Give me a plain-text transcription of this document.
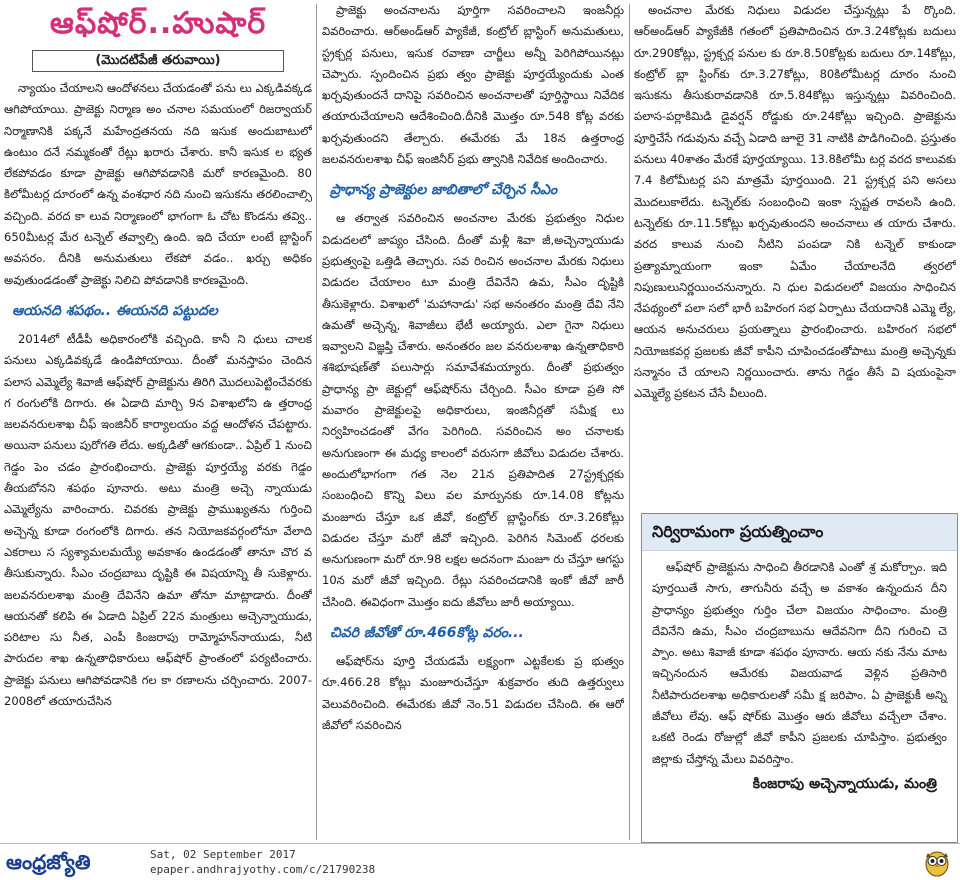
ఆఫ్‌షోర్..హుషార్
(మొదటిపేజీ తరువాయి)

న్యాయం చేయాలని ఆందోళనలు చేయడంతో పను లు ఎక్కడివక్కడ ఆగిపోయాయి. ప్రాజెక్టు నిర్మాణ అం చనాల సమయంలో రిజర్వాయర్ నిర్మాణానికి పక్కనే మహేంద్రతనయ నది ఇసుక అందుబాటులో ఉంటుం దనే నమ్మకంతో రేట్లు ఖరారు చేశారు. కానీ ఇసుక ల భ్యత లేకపోవడం కూడా ప్రాజెక్టు ఆగిపోవడానికి మరో కారణమైంది. 80 కిలోమీటర్ల దూరంలో ఉన్న వంశధార నది నుంచి ఇసుకను తరలించాల్సి వచ్చింది. వరద కా లువ నిర్మాణంలో భాగంగా ఓ చోట కొండను తవ్వి.. 650మీటర్ల మేర టన్నెల్ తవ్వాల్సి ఉంది. ఇది చేయా లంటే బ్లాస్టింగ్ అవసరం. దీనికి అనుమతులు లేకపో వడం.. ఖర్చు అధికం అవుతుండడంతో ప్రాజెక్టు నిలిచి పోవడానికి కారణమైంది.

ఆయనది శపథం.. ఈయనది పట్టుదల

2014లో టీడీపీ అధికారంలోకి వచ్చింది. కానీ ని ధులు చాలక పనులు ఎక్కడివక్కడే ఉండిపోయాయి. దీంతో మనస్తాపం చెందిన పలాస ఎమ్మెల్యే శివాజీ ఆఫ్‌షోర్ ప్రాజెక్టును తిరిగి మొదలుపెట్టించేవరకు గ రంగులోకి దిగారు. ఈ ఏడాది మార్చి 9న విశాఖలోని ఉ త్తరాంధ్ర జలవనరులశాఖ చీఫ్ ఇంజినీర్ కార్యాలయం వద్ద ఆందోళన చేపట్టారు. అయినా పనులు పురోగతి లేదు. అక్కడితో ఆగకుండా.. ఏప్రిల్ 1 నుంచి గెడ్డం పెం చడం ప్రారంభించారు. ప్రాజెక్టు పూర్తయ్యే వరకు గెడ్డం తీయబోనని శపథం పూనారు. అటు మంత్రి అచ్చె న్నాయుడు ఎమ్మెల్యేను వారించారు. చివరకు ప్రాజెక్టు ప్రాముఖ్యతను గుర్తించి అచ్చెన్న కూడా రంగంలోకి దిగారు. తన నియోజకవర్గంలోనూ వేలాది ఎకరాలు స స్యశ్యామలమయ్యే అవకాశం ఉండడంతో తానూ చొర వ తీసుకున్నారు. సీఎం చంద్రబాబు దృష్టికి ఈ విషయాన్ని తీ సుకెళ్లారు. జలవనరులశాఖ మంత్రి దేవినేని ఉమా తోనూ మాట్లాడారు. దీంతో ఆయనతో కలిపి ఈ ఏడాది ఏప్రిల్ 22న మంత్రులు అచ్చెన్నాయుడు, పరిటాల సు నీత, ఎంపీ కింజరాపు రామ్మోహన్‌నాయుడు, నీటి పారుదల శాఖ ఉన్నతాధికారులు ఆఫ్‌షోర్ ప్రాంతంలో పర్యటించారు. ప్రాజెక్టు పనులు ఆగిపోవడానికి గల కా రణాలను చర్చించారు. 2007-2008లో తయారుచేసిన

ప్రాజెక్టు అంచనాలను పూర్తిగా సవరించాలని ఇంజనీర్లు వివరించారు. ఆర్‌అండ్‌ఆర్ ప్యాకేజీ, కంట్రోల్ బ్లాస్టింగ్ అనుమతులు, స్ట్రక్చర్ల పనులు, ఇసుక రవాణా చార్జీలు అన్నీ పెరిగిపోయినట్లు చెప్పారు. స్పందించిన ప్రభు త్వం ప్రాజెక్టు పూర్తయ్యేందుకు ఎంత ఖర్చవుతుందనే దానిపై సవరించిన అంచనాలతో పూర్తిస్థాయి నివేదిక తయారుచేయాలని ఆదేశించింది.దీనికి మొత్తం రూ.548 కోట్ల వరకు ఖర్చవుతుందని తేల్చారు. ఈమేరకు మే 18న ఉత్తరాంధ్ర జలవనరులశాఖ చీఫ్ ఇంజినీర్ ప్రభు త్వానికి నివేదిక అందించారు.

ప్రాధాన్య ప్రాజెక్టుల జాబితాలో చేర్చిన సీఎం

ఆ తర్వాత సవరించిన అంచనాల మేరకు ప్రభుత్వం నిధుల విడుదలలో జాప్యం చేసింది. దీంతో మళ్లీ శివా జీ,అచ్చెన్నాయుడు ప్రభుత్వంపై ఒత్తిడి తెచ్చారు. సవ రించిన అంచనాల మేరకు నిధులు విడుదల చేయాలం టూ మంత్రి దేవినేని ఉమ, సీఎం దృష్టికి తీసుకెళ్లారు. విశాఖలో 'మహానాడు' సభ అనంతరం మంత్రి దేవి నేని ఉమతో అచ్చెన్న, శివాజీలు భేటీ అయ్యారు. ఎలా గైనా నిధులు ఇవ్వాలని విజ్ఞప్తి చేశారు. అనంతరం జల వనరులశాఖ ఉన్నతాధికారి శశిభూషణ్‌తో పలుసార్లు సమావేశమయ్యారు. దీంతో ప్రభుత్వం ప్రాధాన్య ప్రా జెక్టుల్లో ఆఫ్‌షోర్‌ను చేర్చింది. సీఎం కూడా ప్రతి సో మవారం ప్రాజెక్టులపై అధికారులు, ఇంజినీర్లతో సమీక్ష లు నిర్వహించడంతో వేగం పెరిగింది. సవరించిన అం చనాలకు అనుగుణంగా ఈ మధ్య కాలంలో వరుసగా జీవోలు విడుదల చేశారు. అందులోభాగంగా గత నెల 21న ప్రతిపాదిత 27స్ట్రక్చర్లకు సంబంధించి కొన్ని విలు వల మార్పునకు రూ.14.08 కోట్లను మంజూరు చేస్తూ ఒక జీవో, కంట్రోల్ బ్లాస్టింగ్‌కు రూ.3.26కోట్లు విడుదల చేస్తూ మరో జీవో ఇచ్చింది. పెరిగిన సిమెంట్ ధరలకు అనుగుణంగా మరో రూ.98 లక్షల అదనంగా మంజూ రు చేస్తూ ఆగస్టు 10న మరో జీవో ఇచ్చింది. రేట్లు సవరించడానికి ఇంకో జీవో జారీ చేసింది. ఈవిధంగా మొత్తం ఐదు జీవోలు జారీ అయ్యాయి.

చివరి జీవోతో రూ.466కోట్ల వరం...

ఆఫ్‌షోర్‌ను పూర్తి చేయడమే లక్ష్యంగా ఎట్టకేలకు ప్ర భుత్వం రూ.466.28 కోట్లు మంజూరుచేస్తూ శుక్రవారం తుది ఉత్తర్వులు వెలువరించింది. ఈమేరకు జీవో నెం.51 విడుదల చేసింది. ఈ ఆరో జీవోలో సవరించిన

అంచనాల మేరకు నిధులు విడుదల చేస్తున్నట్లు పే ర్కొంది. ఆర్‌అండ్‌ఆర్ ప్యాకేజీకి గతంలో ప్రతిపాదించిన రూ.3.24కోట్లకు బదులు రూ.290కోట్లు, స్ట్రక్చర్ల పనుల కు రూ.8.50కోట్లకు బదులు రూ.14కోట్లు, కంట్రోల్ బ్లా స్టింగ్‌కు రూ.3.27కోట్లు, 80కిలోమీటర్ల దూరం నుంచి ఇసుకను తీసుకురావడానికి రూ.5.84కోట్లు ఇస్తున్నట్లు వివరించింది. పలాస-పర్లాకిమిడి డైవర్షన్ రోడ్డుకు రూ.24కోట్లు ఇచ్చింది. ప్రాజెక్టును పూర్తిచేసే గడువును వచ్చే ఏడాది జూలై 31 నాటికి పొడిగించింది. ప్రస్తుతం పనులు 40శాతం మేరకే పూర్తయ్యాయి. 13.8కిలోమీ టర్ల వరద కాలువకు 7.4 కిలోమీటర్ల పని మాత్రమే పూర్తయింది. 21 స్ట్రక్చర్ల పని అసలు మొదలుకాలేదు. టన్నెల్‌కు సంబంధించి ఇంకా స్పష్టత రావలసి ఉంది. టన్నెల్‌కు రూ.11.5కోట్లు ఖర్చవుతుందని అంచనాలు త యారు చేశారు. వరద కాలువ నుంచి నీటిని పంపడా నికి టన్నెల్ కాకుండా ప్రత్యామ్నాయంగా ఇంకా ఏమేం చేయాలనేది త్వరలో నిపుణులునిర్ణయించనున్నారు. ని ధుల విడుదలలో విజయం సాధించిన నేపథ్యంలో పలా సలో భారీ బహిరంగ సభ ఏర్పాటు చేయదానికి ఎమ్మె ల్యే, ఆయన అనుచరులు ప్రయత్నాలు ప్రారంభించారు. బహిరంగ సభలో నియోజకవర్గ ప్రజలకు జీవో కాపీని చూపించడంతోపాటు మంత్రి అచ్చెన్నకు సన్మానం చే యాలని నిర్ణయించారు. తాను గెడ్డం తీసే వి షయంపైనా ఎమ్మెల్యే ప్రకటన చేసే వీలుంది.

నిర్విరామంగా ప్రయత్నించాం

ఆఫ్‌షోర్ ప్రాజెక్టును సాధించి తీరడానికి ఎంతో శ్ర మకోర్చాం. ఇది పూర్తయితే సాగు, తాగునీరు వచ్చే అ వకాశం ఉన్నందున దీని ప్రాధాన్యం ప్రభుత్వం గుర్తిం చేలా విజయం సాధించాం. మంత్రి దేవినేని ఉమ, సీఎం చంద్రబాబును ఆదేవనిగా దీని గురించి చె ప్పాం. అటు శివాజీ కూడా శపథం పూనారు. ఆయ నకు నేను మాట ఇచ్చినందున ఆమేరకు విజయవాడ వెళ్లిన ప్రతిసారి నీటిపారుదలశాఖ అధికారులతో సమీ క్ష జరిపాం. ఏ ప్రాజెక్టుకీ అన్ని జీవోలు లేవు. ఆఫ్‌ షోర్‌కు మొత్తం ఆరు జీవోలు వచ్చేలా చేశాం. ఒకటి రెండు రోజుల్లో జీవో కాపీని ప్రజలకు చూపిస్తాం. ప్రభుత్వం జిల్లాకు చేస్తోన్న మేలు వివరిస్తాం.

కింజరాపు అచ్చెన్నాయుడు, మంత్రి
ఆంధ్రజ్యోతి	Sat, 02 September 2017
epaper.andhrajyothy.com/c/21790238
